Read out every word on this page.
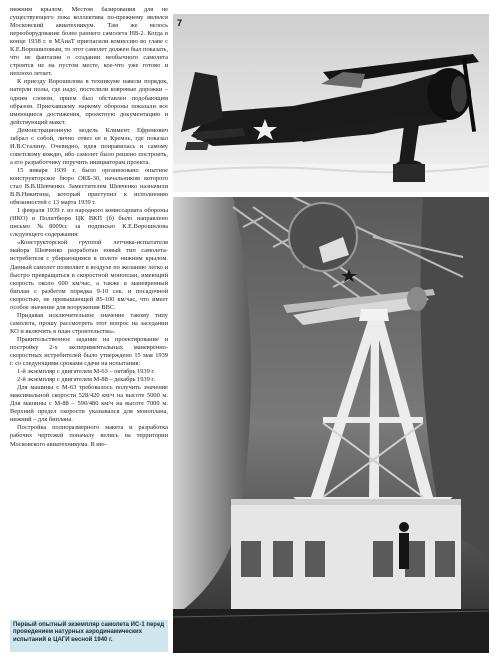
нижним крылом. Местом базирования для не существующего пока коллектива по-прежнему являлся Московский авиатехникум. Там же велось переоборудование более раннего самолета НВ-2. Когда в конце 1938 г. в МАиаТ пригласили комиссию во главе с К.Е.Ворошиловым, то этот самолет должен был показать, что не фантазии о создании необычного самолета строятся не на пустом месте, кое-что уже готово и неплохо летает.

К приезду Ворошилова в техникуме навели порядок, натерли полы, где надо, постелили ковровые дорожки – одним словом, прием был обставлен подобающим образом. Приехавшему наркому обороны показали все имеющиеся достижения, проектную документацию и действующий макет.

Демонстрационную модель Климент Ефремович забрал с собой, лично отвез ее в Кремль, где показал И.В.Сталину. Очевидно, идея понравилась и самому советскому вождю, ибо самолет было решено построить, а его разработчику поручить инициаторам проекта.

15 января 1939 г. было организовано опытное конструкторское бюро ОКБ-30, начальником которого стал В.В.Шевченко. Заместителем Шевченко назначили В.В.Никитина, который приступил к исполнению обязанностей с 13 марта 1939 г.

1 февраля 1939 г. из народного комиссариата обороны (НКО) в Политбюро ЦК ВКП (б) было направлено письмо №8009сс за подписью К.Е.Ворошилова следующего содержания:

«Конструкторской группой летчика-испытателя майора Шевченко разработан новый тип самолета-истребителя с убирающимся в полете нижним крылом. Данный самолет позволяет в воздухе по желанию легко и быстро превращаться в скоростной моноплан, имеющий скорость около 600 км/час, а также в маневренный биплан с разбегом порядка 9-10 сек. и посадочной скоростью, не превышающей 85-100 км/час, что имеет особое значение для вооружения ВВС.

Придавая исключительное значение такому типу самолета, прошу рассмотреть этот вопрос на заседании КО и включить в план строительства».

Правительственное задание на проектирование и постройку 2-х экспериментальных маневренно-скоростных истребителей было утверждено 15 мая 1939 г. со следующими сроками сдачи на испытания:

1-й экземпляр с двигателем М-63 – октябрь 1939 г.

2-й экземпляр с двигателем М-88 – декабрь 1939 г.

Для машины с М-63 требовалось получить значение максимальной скорости 528/420 км/ч на высоте 5000 м. Для машины с М-88 – 590/480 км/ч на высоте 7000 м. Верхний предел скорости указывался для моноплана, нижний – для биплана.

Постройка полноразмерного макета и разработка рабочих чертежей поначалу велись на территории Московского авиатехникума. В ию-

Первый опытный экземпляр самолета ИС-1 перед проведением натурных аэродинамических испытаний в ЦАГИ весной 1940 г.
7
